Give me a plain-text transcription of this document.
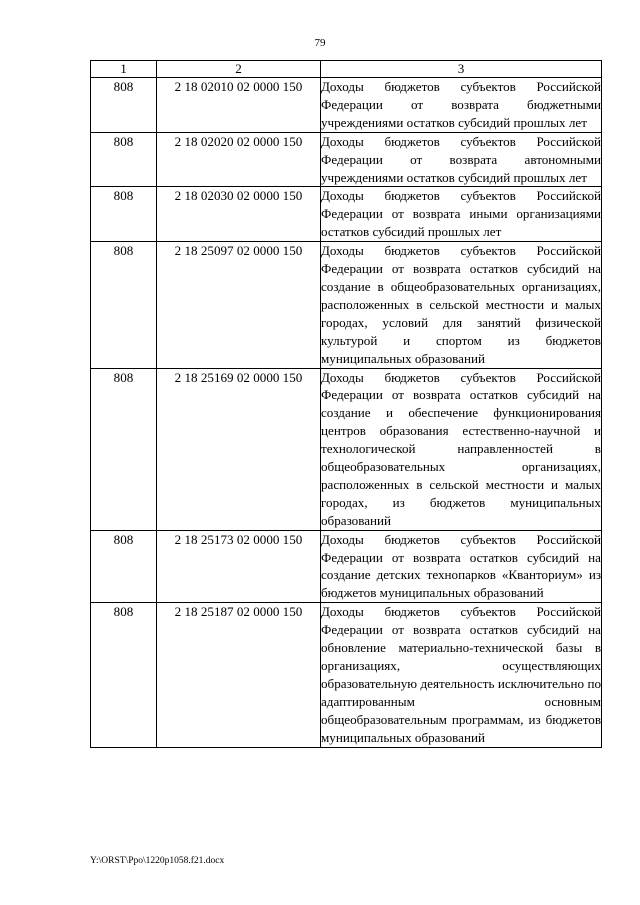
79
1	2	3
808	2 18 02010 02 0000 150	Доходы бюджетов субъектов Российской Федерации от возврата бюджетными учреждениями остатков субсидий прошлых лет
808	2 18 02020 02 0000 150	Доходы бюджетов субъектов Российской Федерации от возврата автономными учреждениями остатков субсидий прошлых лет
808	2 18 02030 02 0000 150	Доходы бюджетов субъектов Российской Федерации от возврата иными организациями остатков субсидий прошлых лет
808	2 18 25097 02 0000 150	Доходы бюджетов субъектов Российской Федерации от возврата остатков субсидий на создание в общеобразовательных организациях, расположенных в сельской местности и малых городах, условий для занятий физической культурой и спортом из бюджетов муниципальных образований
808	2 18 25169 02 0000 150	Доходы бюджетов субъектов Российской Федерации от возврата остатков субсидий на создание и обеспечение функционирования центров образования естественно-научной и технологической направленностей в общеобразовательных организациях, расположенных в сельской местности и малых городах, из бюджетов муниципальных образований
808	2 18 25173 02 0000 150	Доходы бюджетов субъектов Российской Федерации от возврата остатков субсидий на создание детских технопарков «Кванториум» из бюджетов муниципальных образований
808	2 18 25187 02 0000 150	Доходы бюджетов субъектов Российской Федерации от возврата остатков субсидий на обновление материально-технической базы в организациях, осуществляющих образовательную деятельность исключительно по адаптированным основным общеобразовательным программам, из бюджетов муниципальных образований
Y:\ORST\Ppo\1220p1058.f21.docx
